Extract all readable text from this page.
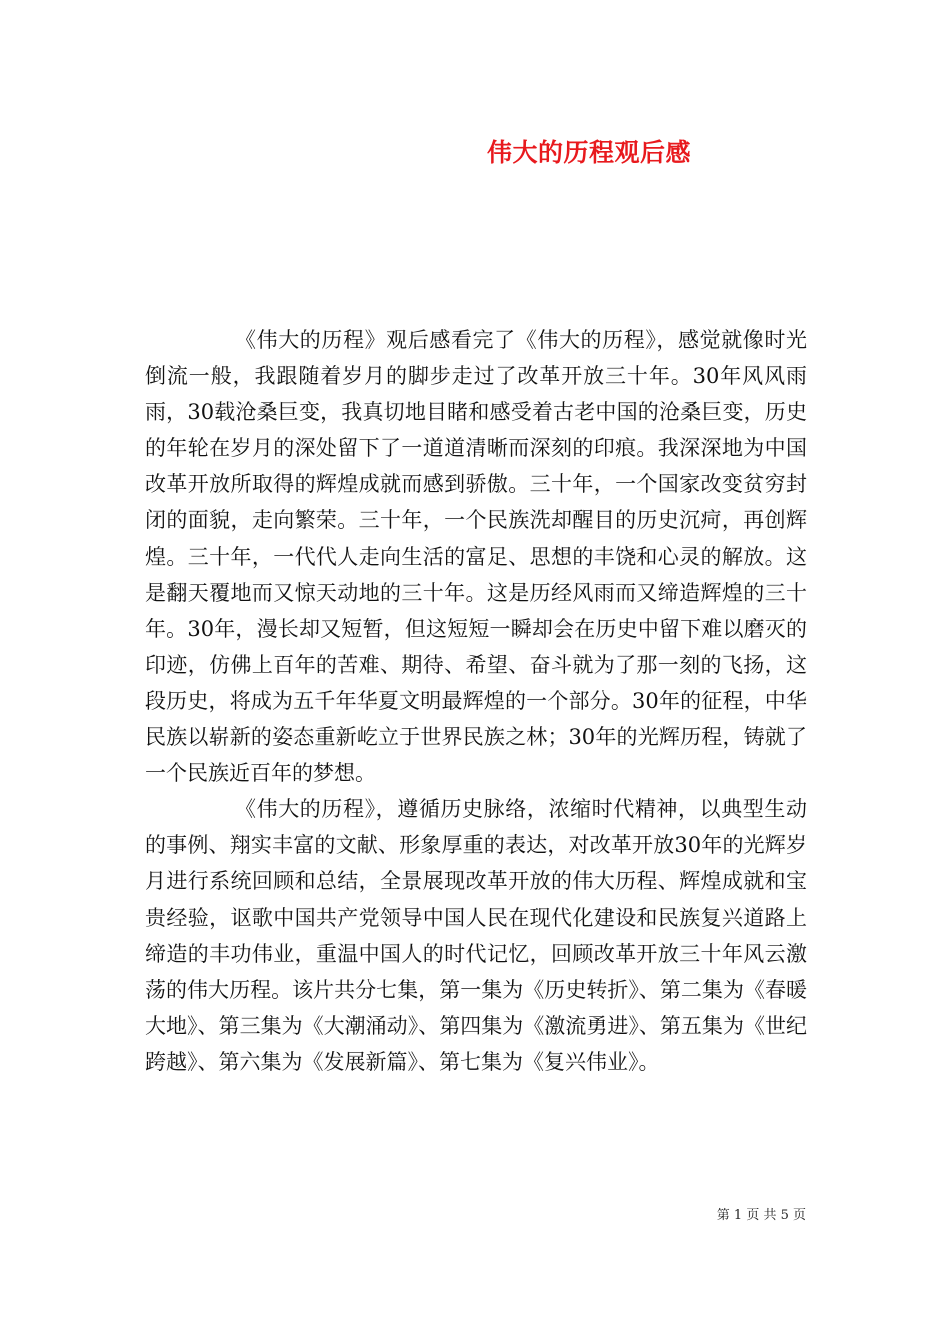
伟大的历程观后感

《伟大的历程》观后感看完了《伟大的历程》，感觉就像时光倒流一般，我跟随着岁月的脚步走过了改革开放三十年。30年风风雨雨，30载沧桑巨变，我真切地目睹和感受着古老中国的沧桑巨变，历史的年轮在岁月的深处留下了一道道清晰而深刻的印痕。我深深地为中国改革开放所取得的辉煌成就而感到骄傲。三十年，一个国家改变贫穷封闭的面貌，走向繁荣。三十年，一个民族洗却醒目的历史沉疴，再创辉煌。三十年，一代代人走向生活的富足、思想的丰饶和心灵的解放。这是翻天覆地而又惊天动地的三十年。这是历经风雨而又缔造辉煌的三十年。30年，漫长却又短暂，但这短短一瞬却会在历史中留下难以磨灭的印迹，仿佛上百年的苦难、期待、希望、奋斗就为了那一刻的飞扬，这段历史，将成为五千年华夏文明最辉煌的一个部分。30年的征程，中华民族以崭新的姿态重新屹立于世界民族之林；30年的光辉历程，铸就了一个民族近百年的梦想。

《伟大的历程》，遵循历史脉络，浓缩时代精神，以典型生动的事例、翔实丰富的文献、形象厚重的表达，对改革开放30年的光辉岁月进行系统回顾和总结，全景展现改革开放的伟大历程、辉煌成就和宝贵经验，讴歌中国共产党领导中国人民在现代化建设和民族复兴道路上缔造的丰功伟业，重温中国人的时代记忆，回顾改革开放三十年风云激荡的伟大历程。该片共分七集，第一集为《历史转折》、第二集为《春暖大地》、第三集为《大潮涌动》、第四集为《激流勇进》、第五集为《世纪跨越》、第六集为《发展新篇》、第七集为《复兴伟业》。

第 1 页 共 5 页
